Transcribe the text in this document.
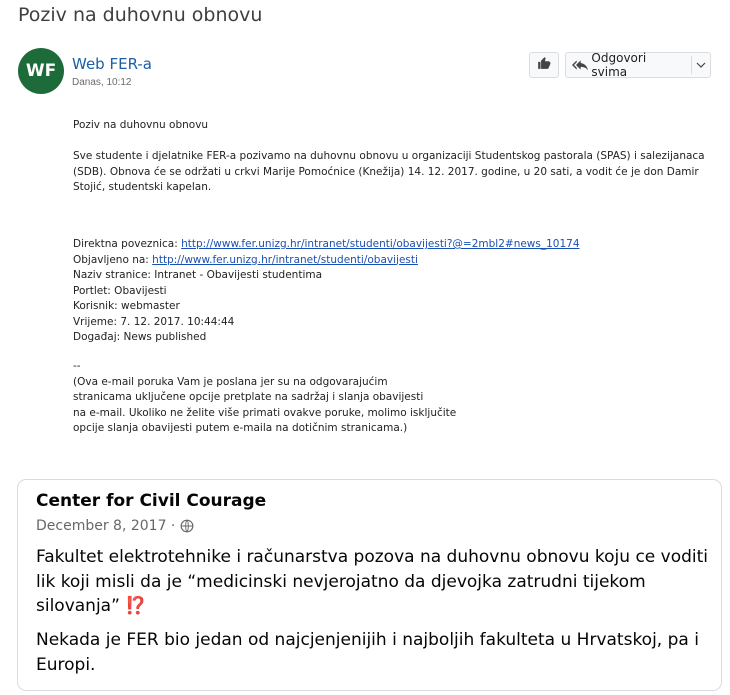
Poziv na duhovnu obnovu
WF	Web FER-a
Danas, 10:12
Odgovori svima

Poziv na duhovnu obnovu

Sve studente i djelatnike FER-a pozivamo na duhovnu obnovu u organizaciji Studentskog pastorala (SPAS) i salezijanaca

(SDB). Obnova će se održati u crkvi Marije Pomoćnice (Knežija) 14. 12. 2017. godine, u 20 sati, a vodit će je don Damir

Stojić, studentski kapelan.

Direktna poveznica: http://www.fer.unizg.hr/intranet/studenti/obavijesti?@=2mbl2#news_10174

Objavljeno na: http://www.fer.unizg.hr/intranet/studenti/obavijesti

Naziv stranice: Intranet - Obavijesti studentima

Portlet: Obavijesti

Korisnik: webmaster

Vrijeme: 7. 12. 2017. 10:44:44

Događaj: News published

--

(Ova e-mail poruka Vam je poslana jer su na odgovarajućim

stranicama uključene opcije pretplate na sadržaj i slanja obavijesti

na e-mail. Ukoliko ne želite više primati ovakve poruke, molimo isključite

opcije slanja obavijesti putem e-maila na dotičnim stranicama.)

Center for Civil Courage
December 8, 2017 ·
Fakultet elektrotehnike i računarstva pozova na duhovnu obnovu koju ce voditi
lik koji misli da je “medicinski nevjerojatno da djevojka zatrudni tijekom
silovanja” ⁉️
Nekada je FER bio jedan od najcjenjenijih i najboljih fakulteta u Hrvatskoj, pa i
Europi.
